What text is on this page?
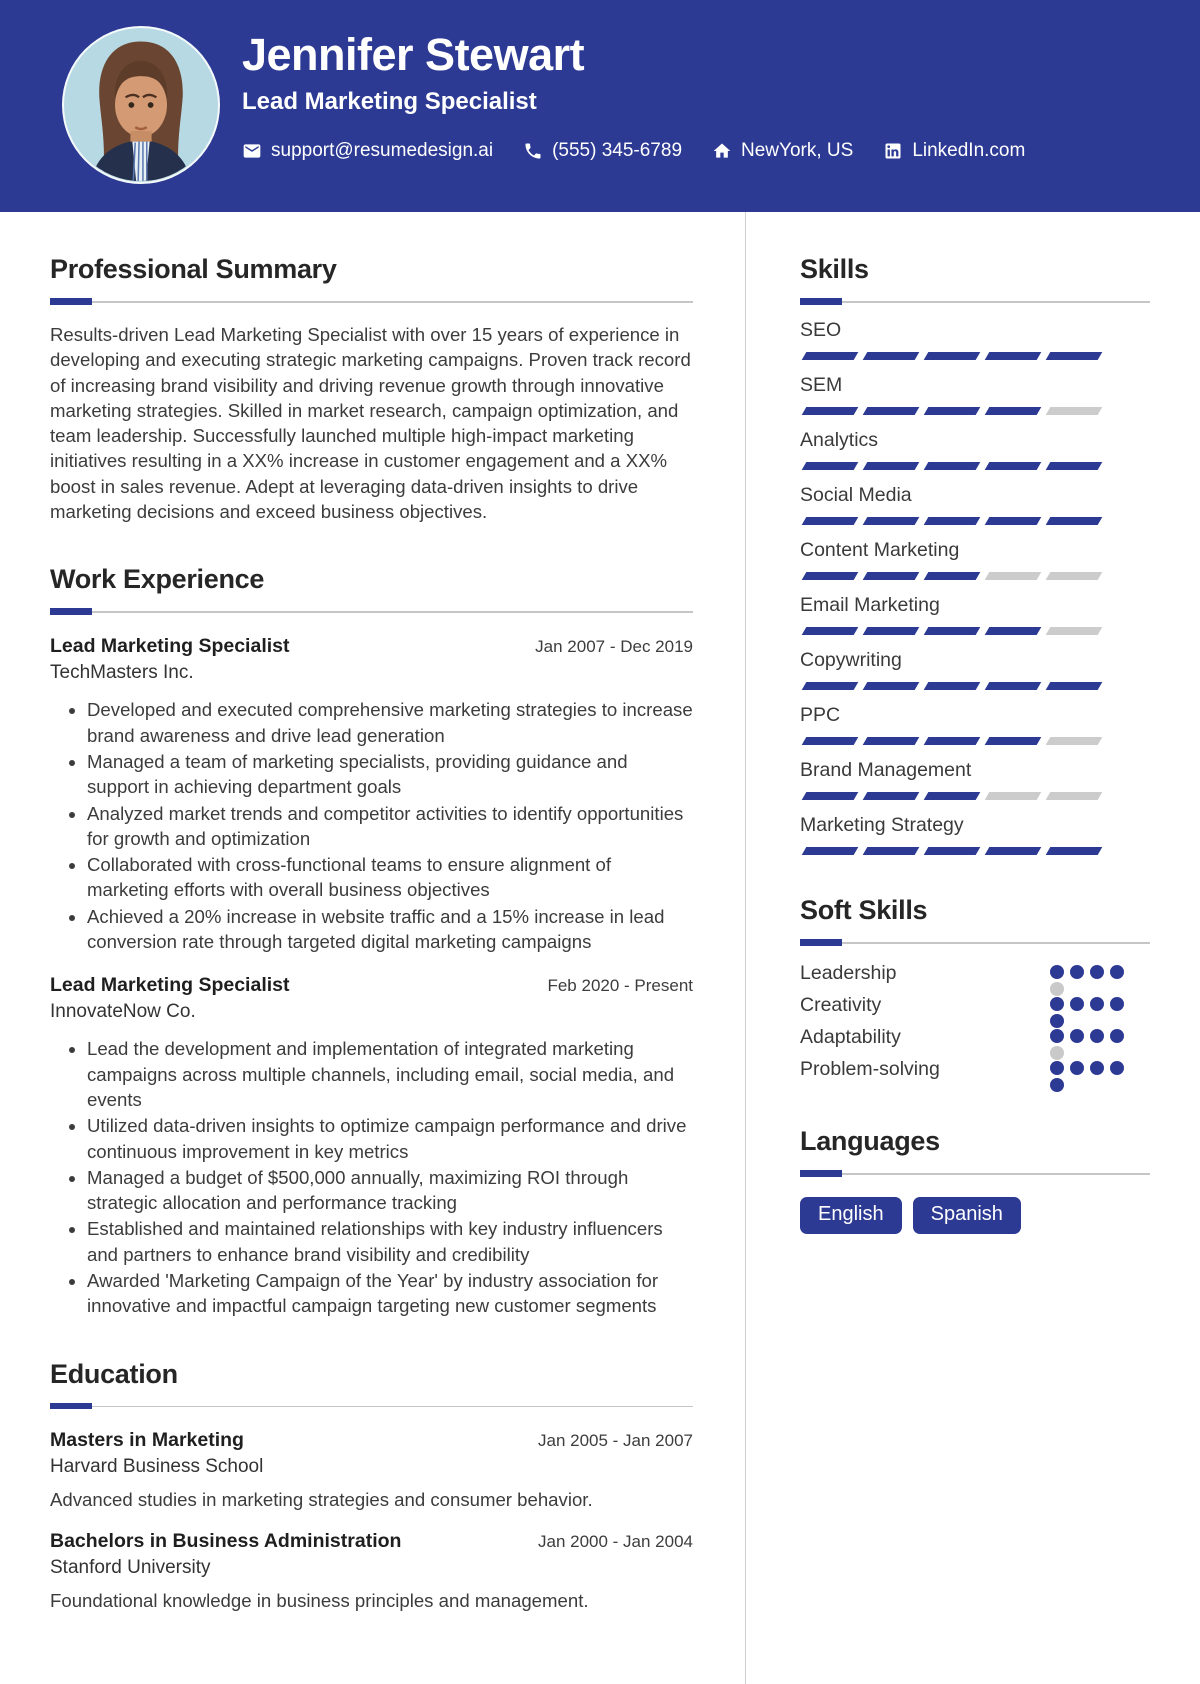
Jennifer Stewart
Lead Marketing Specialist
support@resumedesign.ai	(555) 345-6789	NewYork, US	LinkedIn.com
Professional Summary

Results-driven Lead Marketing Specialist with over 15 years of experience in developing and executing strategic marketing campaigns. Proven track record of increasing brand visibility and driving revenue growth through innovative marketing strategies. Skilled in market research, campaign optimization, and team leadership. Successfully launched multiple high-impact marketing initiatives resulting in a XX% increase in customer engagement and a XX% boost in sales revenue. Adept at leveraging data-driven insights to drive marketing decisions and exceed business objectives.

Work Experience
Lead Marketing Specialist	Jan 2007 - Dec 2019
TechMasters Inc.
• Developed and executed comprehensive marketing strategies to increase brand awareness and drive lead generation
• Managed a team of marketing specialists, providing guidance and support in achieving department goals
• Analyzed market trends and competitor activities to identify opportunities for growth and optimization
• Collaborated with cross-functional teams to ensure alignment of marketing efforts with overall business objectives
• Achieved a 20% increase in website traffic and a 15% increase in lead conversion rate through targeted digital marketing campaigns
Lead Marketing Specialist	Feb 2020 - Present
InnovateNow Co.
• Lead the development and implementation of integrated marketing campaigns across multiple channels, including email, social media, and events
• Utilized data-driven insights to optimize campaign performance and drive continuous improvement in key metrics
• Managed a budget of $500,000 annually, maximizing ROI through strategic allocation and performance tracking
• Established and maintained relationships with key industry influencers and partners to enhance brand visibility and credibility
• Awarded 'Marketing Campaign of the Year' by industry association for innovative and impactful campaign targeting new customer segments
Education
Masters in Marketing	Jan 2005 - Jan 2007
Harvard Business School
Advanced studies in marketing strategies and consumer behavior.
Bachelors in Business Administration	Jan 2000 - Jan 2004
Stanford University
Foundational knowledge in business principles and management.
Skills
SEO
SEM
Analytics
Social Media
Content Marketing
Email Marketing
Copywriting
PPC
Brand Management
Marketing Strategy
Soft Skills
Leadership
Creativity
Adaptability
Problem-solving
Languages
English	Spanish
